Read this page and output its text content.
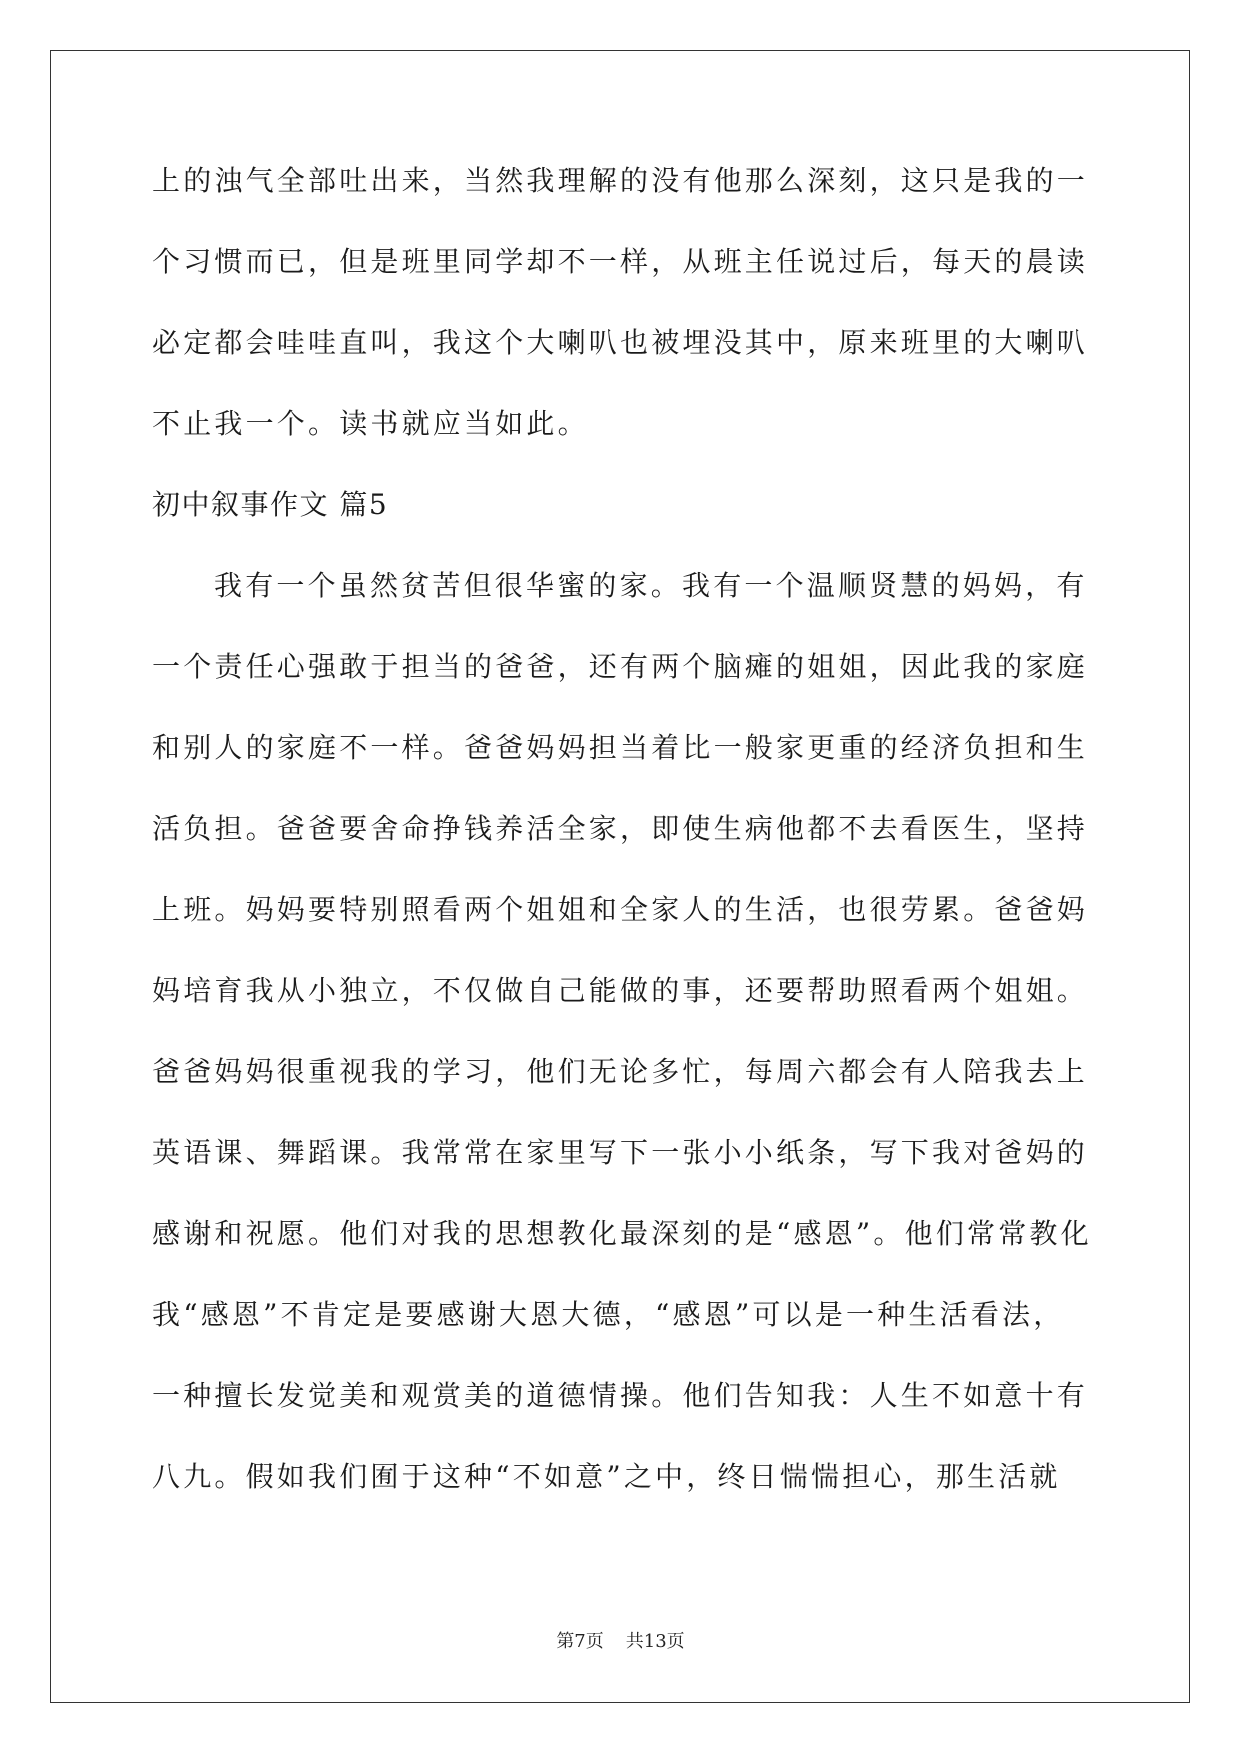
上的浊气全部吐出来，当然我理解的没有他那么深刻，这只是我的一
个习惯而已，但是班里同学却不一样，从班主任说过后，每天的晨读
必定都会哇哇直叫，我这个大喇叭也被埋没其中，原来班里的大喇叭
不止我一个。读书就应当如此。
初中叙事作文 篇5
我有一个虽然贫苦但很华蜜的家。我有一个温顺贤慧的妈妈，有
一个责任心强敢于担当的爸爸，还有两个脑瘫的姐姐，因此我的家庭
和别人的家庭不一样。爸爸妈妈担当着比一般家更重的经济负担和生
活负担。爸爸要舍命挣钱养活全家，即使生病他都不去看医生，坚持
上班。妈妈要特别照看两个姐姐和全家人的生活，也很劳累。爸爸妈
妈培育我从小独立，不仅做自己能做的事，还要帮助照看两个姐姐。
爸爸妈妈很重视我的学习，他们无论多忙，每周六都会有人陪我去上
英语课、舞蹈课。我常常在家里写下一张小小纸条，写下我对爸妈的
感谢和祝愿。他们对我的思想教化最深刻的是“感恩”。他们常常教化
我“感恩”不肯定是要感谢大恩大德，“感恩”可以是一种生活看法，
一种擅长发觉美和观赏美的道德情操。他们告知我：人生不如意十有
八九。假如我们囿于这种“不如意”之中，终日惴惴担心，那生活就
第7页 共13页
